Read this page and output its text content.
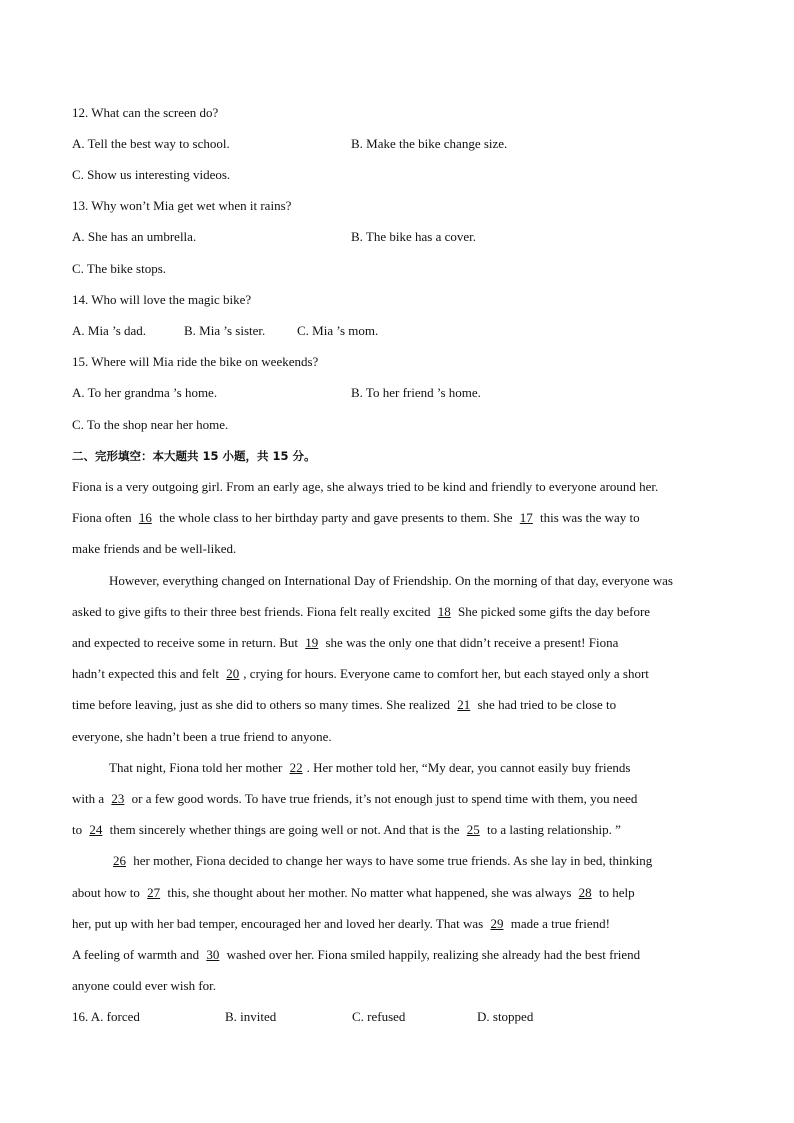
12. What can the screen do?
A. Tell the best way to school.	B. Make the bike change size.
C. Show us interesting videos.
13. Why won’t Mia get wet when it rains?
A. She has an umbrella.	B. The bike has a cover.
C. The bike stops.
14. Who will love the magic bike?
A. Mia ’s dad.	B. Mia ’s sister. C. Mia ’s mom.
15. Where will Mia ride the bike on weekends?
A. To her grandma ’s home.	B. To her friend ’s home.
C. To the shop near her home.
二、完形填空：本大题共 15 小题，共 15 分。
Fiona is a very outgoing girl. From an early age, she always tried to be kind and friendly to everyone around her.
Fiona often 16 the whole class to her birthday party and gave presents to them. She 17 this was the way to
make friends and be well-liked.
However, everything changed on International Day of Friendship. On the morning of that day, everyone was
asked to give gifts to their three best friends. Fiona felt really excited 18 She picked some gifts the day before
and expected to receive some in return. But 19 she was the only one that didn’t receive a present! Fiona
hadn’t expected this and felt 20 , crying for hours. Everyone came to comfort her, but each stayed only a short
time before leaving, just as she did to others so many times. She realized 21 she had tried to be close to
everyone, she hadn’t been a true friend to anyone.
That night, Fiona told her mother 22 . Her mother told her, “My dear, you cannot easily buy friends
with a 23 or a few good words. To have true friends, it’s not enough just to spend time with them, you need
to 24 them sincerely whether things are going well or not. And that is the 25 to a lasting relationship. ”
26 her mother, Fiona decided to change her ways to have some true friends. As she lay in bed, thinking
about how to 27 this, she thought about her mother. No matter what happened, she was always 28 to help
her, put up with her bad temper, encouraged her and loved her dearly. That was 29 made a true friend!
A feeling of warmth and 30 washed over her. Fiona smiled happily, realizing she already had the best friend
anyone could ever wish for.
16. A. forced	B. invited	C. refused	D. stopped
